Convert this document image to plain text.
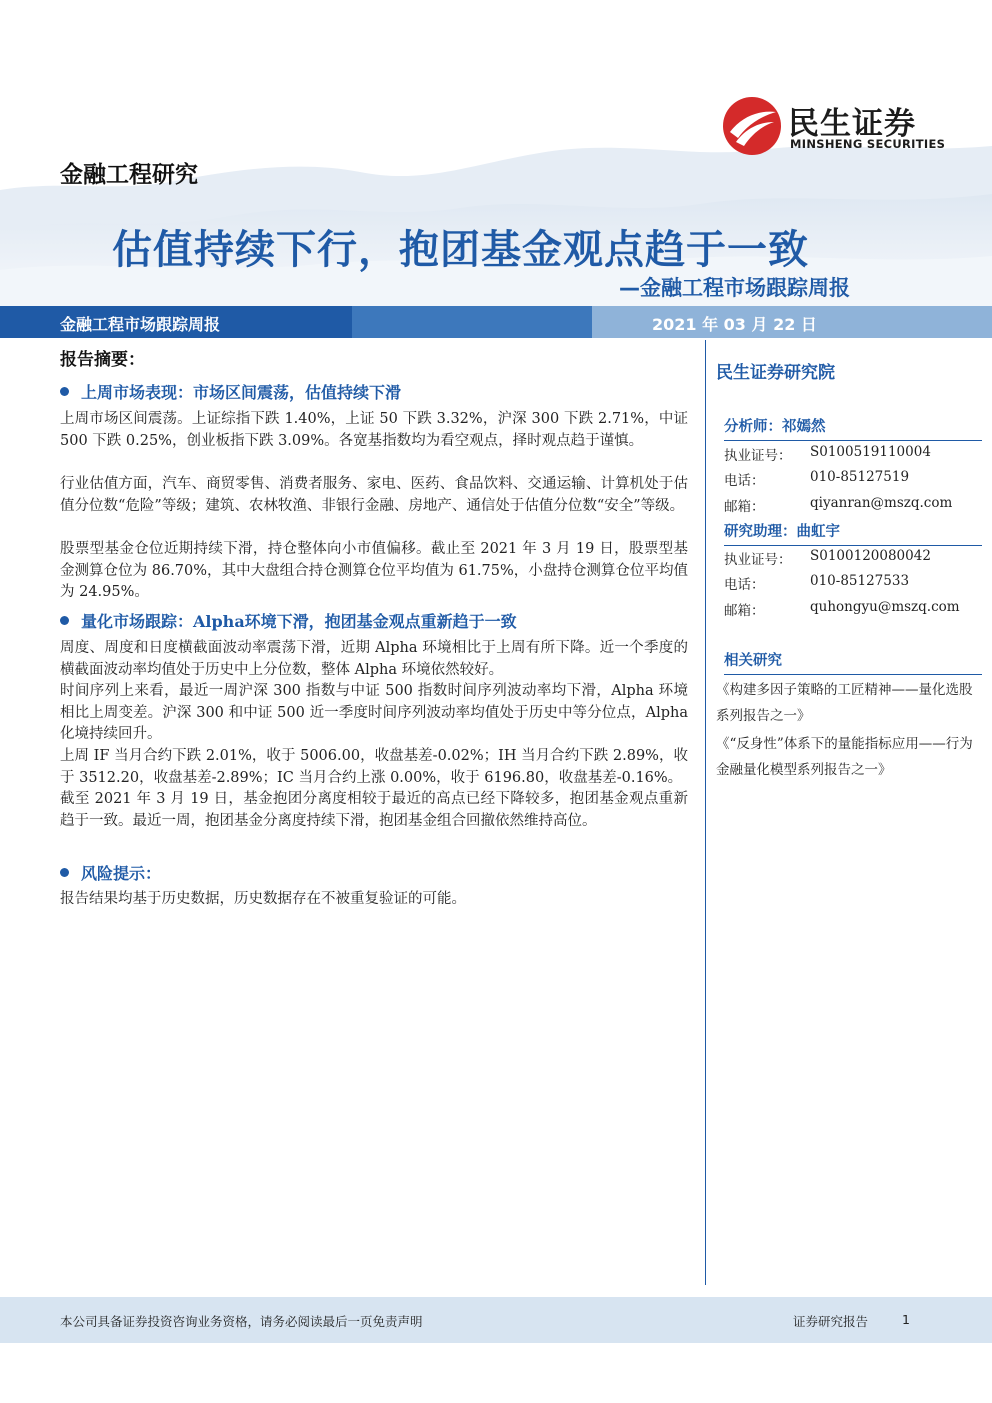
民生证券
MINSHENG SECURITIES
金融工程研究
估值持续下行，抱团基金观点趋于一致
—金融工程市场跟踪周报
金融工程市场跟踪周报	2021 年 03 月 22 日
报告摘要：
上周市场表现：市场区间震荡，估值持续下滑
上周市场区间震荡。上证综指下跌 1.40%，上证 50 下跌 3.32%，沪深 300 下跌 2.71%，中证 500 下跌 0.25%，创业板指下跌 3.09%。各宽基指数均为看空观点，择时观点趋于谨慎。
行业估值方面，汽车、商贸零售、消费者服务、家电、医药、食品饮料、交通运输、计算机处于估值分位数“危险”等级；建筑、农林牧渔、非银行金融、房地产、通信处于估值分位数“安全”等级。
股票型基金仓位近期持续下滑，持仓整体向小市值偏移。截止至 2021 年 3 月 19 日，股票型基金测算仓位为 86.70%，其中大盘组合持仓测算仓位平均值为 61.75%，小盘持仓测算仓位平均值为 24.95%。
量化市场跟踪：Alpha环境下滑，抱团基金观点重新趋于一致
周度、周度和日度横截面波动率震荡下滑，近期 Alpha 环境相比于上周有所下降。近一个季度的横截面波动率均值处于历史中上分位数，整体 Alpha 环境依然较好。
时间序列上来看，最近一周沪深 300 指数与中证 500 指数时间序列波动率均下滑，Alpha 环境相比上周变差。沪深 300 和中证 500 近一季度时间序列波动率均值处于历史中等分位点，Alpha 化境持续回升。
上周 IF 当月合约下跌 2.01%，收于 5006.00，收盘基差-0.02%；IH 当月合约下跌 2.89%，收于 3512.20，收盘基差-2.89%；IC 当月合约上涨 0.00%，收于 6196.80，收盘基差-0.16%。
截至 2021 年 3 月 19 日，基金抱团分离度相较于最近的高点已经下降较多，抱团基金观点重新趋于一致。最近一周，抱团基金分离度持续下滑，抱团基金组合回撤依然维持高位。
风险提示：
报告结果均基于历史数据，历史数据存在不被重复验证的可能。
民生证券研究院
分析师：祁嫣然
执业证号： S0100519110004
电话：	010-85127519
邮箱：	qiyanran@mszq.com
研究助理：曲虹宇
执业证号： S0100120080042
电话：	010-85127533
邮箱：	quhongyu@mszq.com
相关研究
《构建多因子策略的工匠精神——量化选股系列报告之一》
《“反身性”体系下的量能指标应用——行为金融量化模型系列报告之一》
本公司具备证券投资咨询业务资格，请务必阅读最后一页免责声明	证券研究报告	1
